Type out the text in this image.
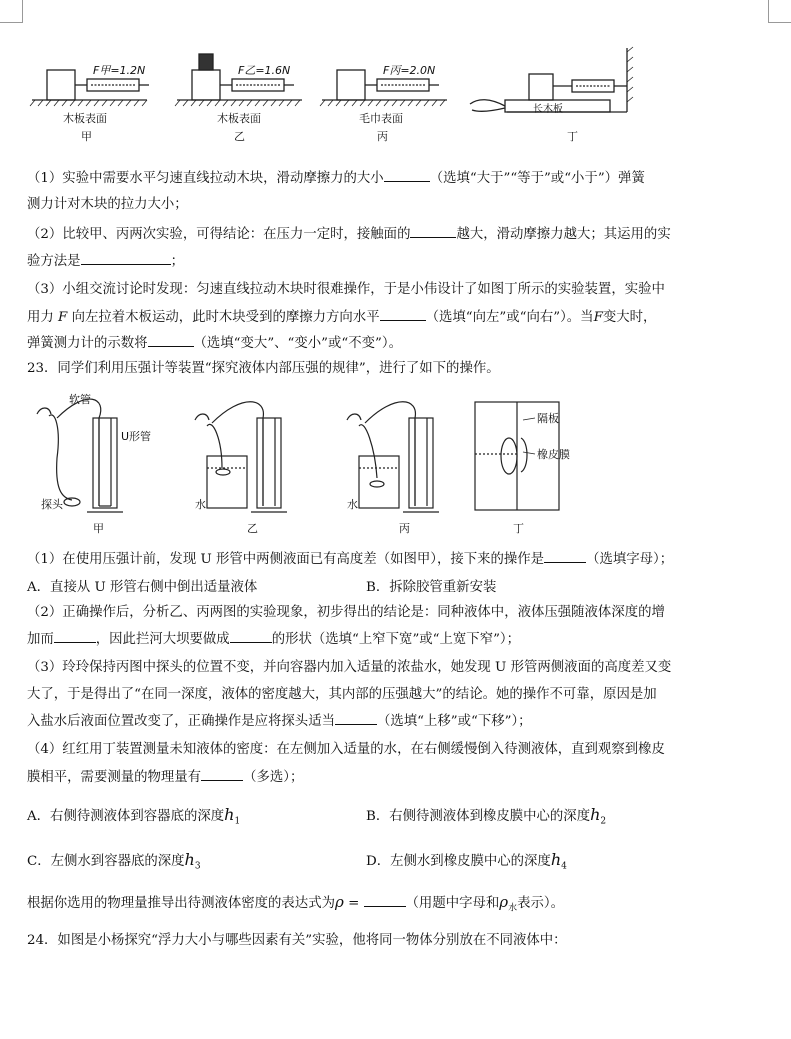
F甲=1.2N	F乙=1.6N	F丙=2.0N
木板表面	木板表面	毛巾表面
长木板
甲	乙	丙	丁
（1）实验中需要水平匀速直线拉动木块，滑动摩擦力的大小	（选填“大于”“等于”或“小于”）弹簧
测力计对木块的拉力大小；
（2）比较甲、丙两次实验，可得结论：在压力一定时，接触面的	越大，滑动摩擦力越大；其运用的实
验方法是	；
（3）小组交流讨论时发现：匀速直线拉动木块时很难操作，于是小伟设计了如图丁所示的实验装置，实验中
用力 F 向左拉着木板运动，此时木块受到的摩擦力方向水平	（选填“向左”或“向右”）。当F变大时，
弹簧测力计的示数将	（选填“变大”、“变小”或“不变”）。
23．同学们利用压强计等装置“探究液体内部压强的规律”，进行了如下的操作。
软管
U形管
探头	水	水
隔板
橡皮膜
甲	乙	丙	丁
（1）在使用压强计前，发现 U 形管中两侧液面已有高度差（如图甲），接下来的操作是	（选填字母）；
A．直接从 U 形管右侧中倒出适量液体	B．拆除胶管重新安装
（2）正确操作后，分析乙、丙两图的实验现象，初步得出的结论是：同种液体中，液体压强随液体深度的增
加而	，因此拦河大坝要做成	的形状（选填“上窄下宽”或“上宽下窄”）；
（3）玲玲保持丙图中探头的位置不变，并向容器内加入适量的浓盐水，她发现 U 形管两侧液面的高度差又变
大了，于是得出了“在同一深度，液体的密度越大，其内部的压强越大”的结论。她的操作不可靠，原因是加
入盐水后液面位置改变了，正确操作是应将探头适当	（选填“上移”或“下移”）；
（4）红红用丁装置测量未知液体的密度：在左侧加入适量的水，在右侧缓慢倒入待测液体，直到观察到橡皮
膜相平，需要测量的物理量有	（多选）；
A．右侧待测液体到容器底的深度$h_1$	B．右侧待测液体到橡皮膜中心的深度$h_2$
C．左侧水到容器底的深度$h_3$	D．左侧水到橡皮膜中心的深度$h_4$
根据你选用的物理量推导出待测液体密度的表达式为ρ =	（用题中字母和$\rho_水$表示）。
24．如图是小杨探究“浮力大小与哪些因素有关”实验，他将同一物体分别放在不同液体中：
